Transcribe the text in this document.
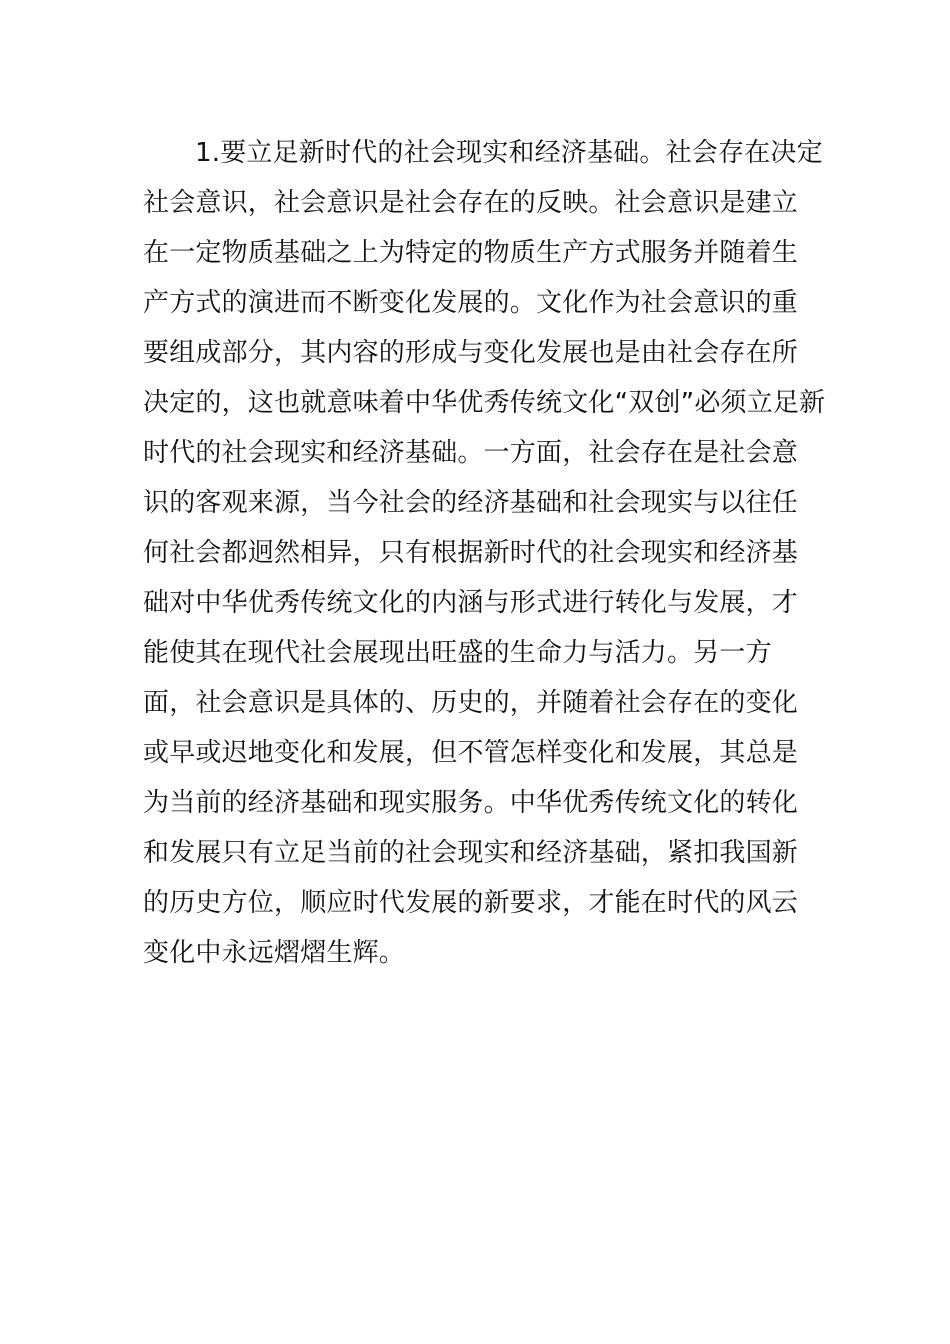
1.要立足新时代的社会现实和经济基础。社会存在决定
社会意识，社会意识是社会存在的反映。社会意识是建立
在一定物质基础之上为特定的物质生产方式服务并随着生
产方式的演进而不断变化发展的。文化作为社会意识的重
要组成部分，其内容的形成与变化发展也是由社会存在所
决定的，这也就意味着中华优秀传统文化“双创”必须立足新
时代的社会现实和经济基础。一方面，社会存在是社会意
识的客观来源，当今社会的经济基础和社会现实与以往任
何社会都迥然相异，只有根据新时代的社会现实和经济基
础对中华优秀传统文化的内涵与形式进行转化与发展，才
能使其在现代社会展现出旺盛的生命力与活力。另一方
面，社会意识是具体的、历史的，并随着社会存在的变化
或早或迟地变化和发展，但不管怎样变化和发展，其总是
为当前的经济基础和现实服务。中华优秀传统文化的转化
和发展只有立足当前的社会现实和经济基础，紧扣我国新
的历史方位，顺应时代发展的新要求，才能在时代的风云
变化中永远熠熠生辉。
